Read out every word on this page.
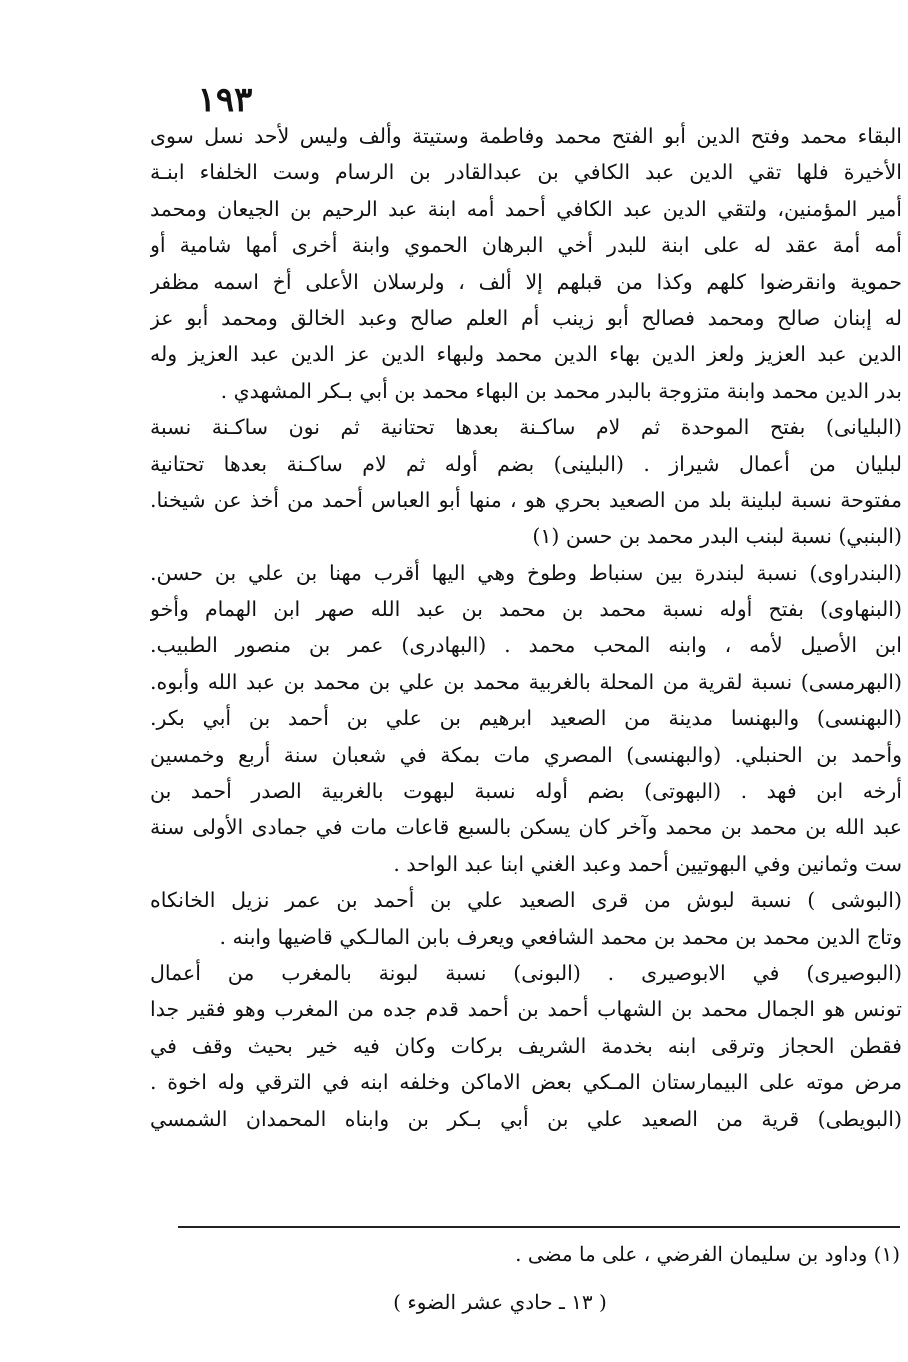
١٩٣
البقاء محمد وفتح الدين أبو الفتح محمد وفاطمة وستيتة وألف وليس لأحد نسل سوى
الأخيرة فلها تقي الدين عبد الكافي بن عبدالقادر بن الرسام وست الخلفاء ابنـة
أمير المؤمنين، ولتقي الدين عبد الكافي أحمد أمه ابنة عبد الرحيم بن الجيعان ومحمد
أمه أمة عقد له على ابنة للبدر أخي البرهان الحموي وابنة أخرى أمها شامية أو
حموية وانقرضوا كلهم وكذا من قبلهم إلا ألف ، ولرسلان الأعلى أخ اسمه مظفر
له إبنان صالح ومحمد فصالح أبو زينب أم العلم صالح وعبد الخالق ومحمد أبو عز
الدين عبد العزيز ولعز الدين بهاء الدين محمد ولبهاء الدين عز الدين عبد العزيز وله
بدر الدين محمد وابنة متزوجة بالبدر محمد بن البهاء محمد بن أبي بـكر المشهدي .
(البليانى) بفتح الموحدة ثم لام ساكـنة بعدها تحتانية ثم نون ساكـنة نسبة
لبليان من أعمال شيراز . (البلينى) بضم أوله ثم لام ساكـنة بعدها تحتانية
مفتوحة نسبة لبلينة بلد من الصعيد بحري هو ، منها أبو العباس أحمد من أخذ عن شيخنا.
(البنبي) نسبة لبنب البدر محمد بن حسن (١)
(البندراوى) نسبة لبندرة بين سنباط وطوخ وهي اليها أقرب مهنا بن علي بن حسن.
(البنهاوى) بفتح أوله نسبة محمد بن محمد بن عبد الله صهر ابن الهمام وأخو
ابن الأصيل لأمه ، وابنه المحب محمد . (البهادرى) عمر بن منصور الطبيب.
(البهرمسى) نسبة لقرية من المحلة بالغربية محمد بن علي بن محمد بن عبد الله وأبوه.
(البهنسى) والبهنسا مدينة من الصعيد ابرهيم بن علي بن أحمد بن أبي بكر.
وأحمد بن الحنبلي. (والبهنسى) المصري مات بمكة في شعبان سنة أربع وخمسين
أرخه ابن فهد . (البهوتى) بضم أوله نسبة لبهوت بالغربية الصدر أحمد بن
عبد الله بن محمد بن محمد وآخر كان يسكن بالسبع قاعات مات في جمادى الأولى سنة
ست وثمانين وفي البهوتيين أحمد وعبد الغني ابنا عبد الواحد .
(البوشى ) نسبة لبوش من قرى الصعيد علي بن أحمد بن عمر نزيل الخانكاه
وتاج الدين محمد بن محمد بن محمد الشافعي ويعرف بابن المالـكي قاضيها وابنه .
(البوصيرى) في الابوصيرى . (البونى) نسبة لبونة بالمغرب من أعمال
تونس هو الجمال محمد بن الشهاب أحمد بن أحمد قدم جده من المغرب وهو فقير جدا
فقطن الحجاز وترقى ابنه بخدمة الشريف بركات وكان فيه خير بحيث وقف في
مرض موته على البيمارستان المـكي بعض الاماكن وخلفه ابنه في الترقي وله اخوة .
(البويطى) قرية من الصعيد علي بن أبي بـكر بن وابناه المحمدان الشمسي
(١) وداود بن سليمان الفرضي ، على ما مضى .
( ١٣ ـ حادي عشر الضوء )
